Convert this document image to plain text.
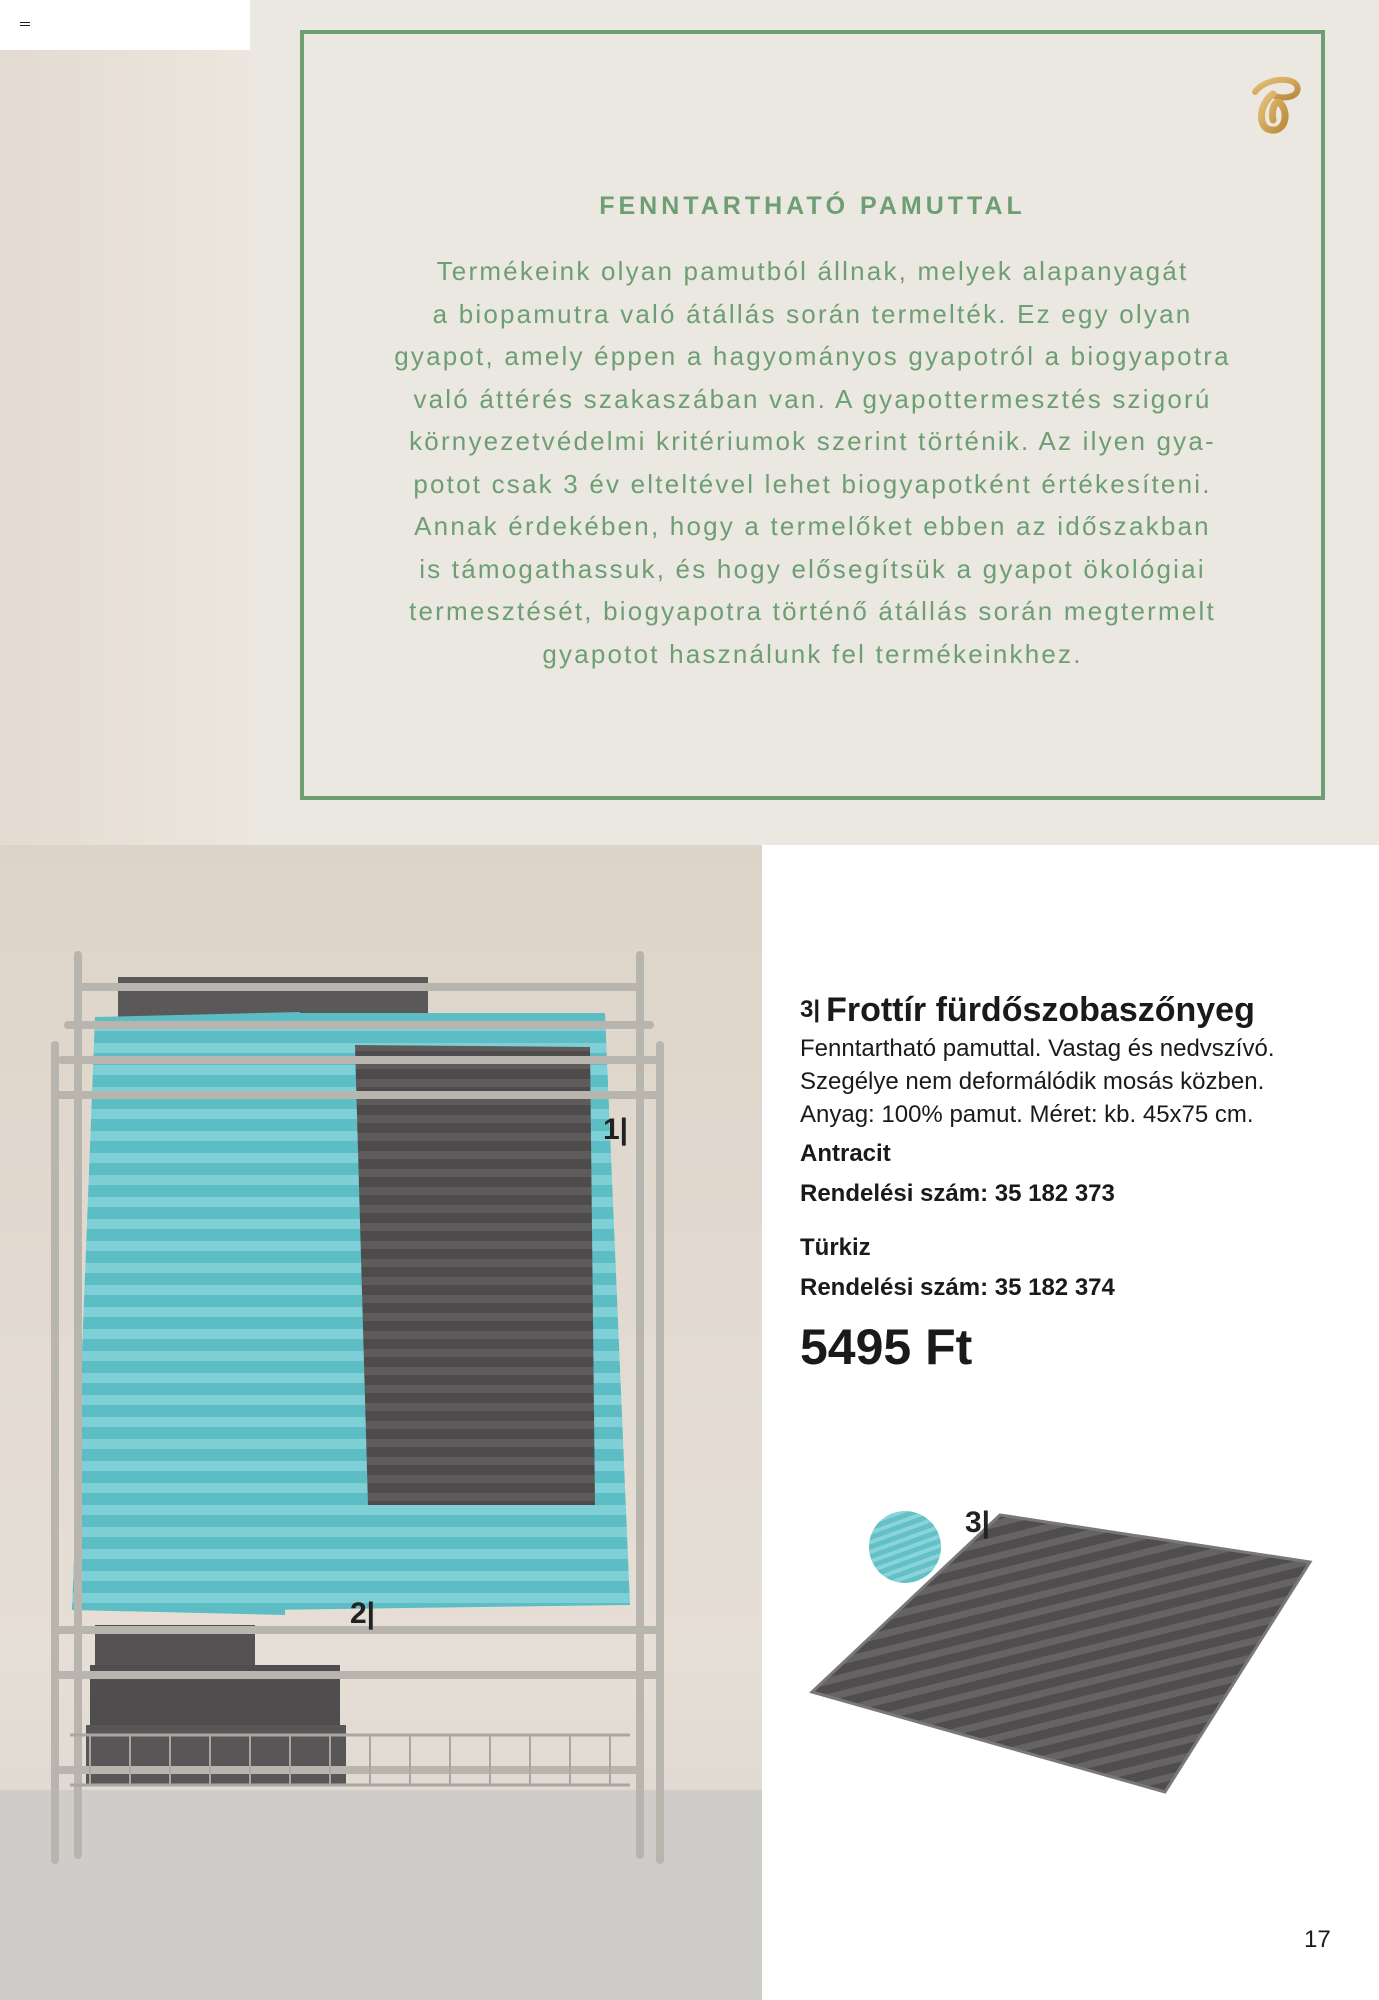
FENNTARTHATÓ PAMUTTAL
Termékeink olyan pamutból állnak, melyek alapanyagát
a biopamutra való átállás során termelték. Ez egy olyan
gyapot, amely éppen a hagyományos gyapotról a biogyapotra
való áttérés szakaszában van. A gyapottermesztés szigorú
környezetvédelmi kritériumok szerint történik. Az ilyen gya-
potot csak 3 év elteltével lehet biogyapotként értékesíteni.
Annak érdekében, hogy a termelőket ebben az időszakban
is támogathassuk, és hogy elősegítsük a gyapot ökológiai
termesztését, biogyapotra történő átállás során megtermelt
gyapotot használunk fel termékeinkhez.
1|
2|
3| Frottír fürdőszobaszőnyeg
Fenntartható pamuttal. Vastag és nedvszívó.
Szegélye nem deformálódik mosás közben.
Anyag: 100% pamut. Méret: kb. 45x75 cm.
Antracit
Rendelési szám: 35 182 373
Türkiz
Rendelési szám: 35 182 374
5495 Ft
3|
17
